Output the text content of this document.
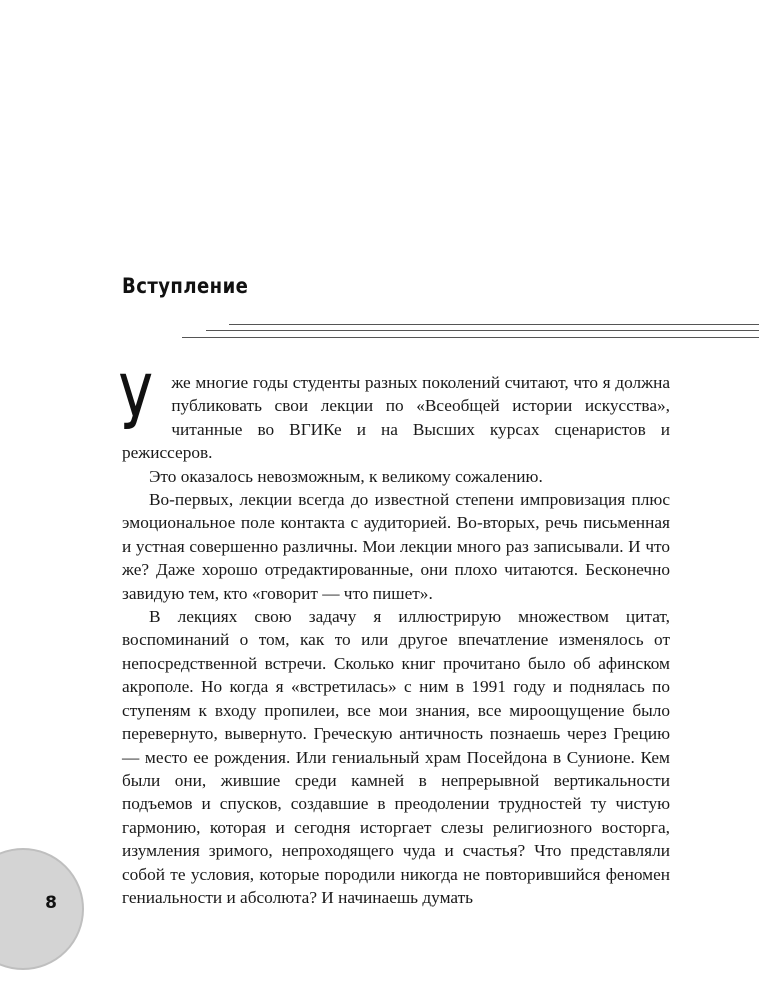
Вступление

У же многие годы студенты разных поколений считают, что я должна публиковать свои лекции по «Всеобщей истории искусства», читанные во ВГИКе и на Высших курсах сценаристов и режиссеров.

Это оказалось невозможным, к великому сожалению.

Во-первых, лекции всегда до известной степени импровизация плюс эмоциональное поле контакта с аудиторией. Во-вторых, речь письменная и устная совершенно различны. Мои лекции много раз записывали. И что же? Даже хорошо отредактированные, они плохо читаются. Бесконечно завидую тем, кто «говорит — что пишет».

В лекциях свою задачу я иллюстрирую множеством цитат, воспоминаний о том, как то или другое впечатление изменялось от непосредственной встречи. Сколько книг прочитано было об афинском акрополе. Но когда я «встретилась» с ним в 1991 году и поднялась по ступеням к входу пропилеи, все мои знания, все мироощущение было перевернуто, вывернуто. Греческую античность познаешь через Грецию — место ее рождения. Или гениальный храм Посейдона в Сунионе. Кем были они, жившие среди камней в непрерывной вертикальности подъемов и спусков, создавшие в преодолении трудностей ту чистую гармонию, которая и сегодня исторгает слезы религиозного восторга, изумления зримого, непроходящего чуда и счастья? Что представляли собой те условия, которые породили никогда не повторившийся феномен гениальности и абсолюта? И начинаешь думать

8
